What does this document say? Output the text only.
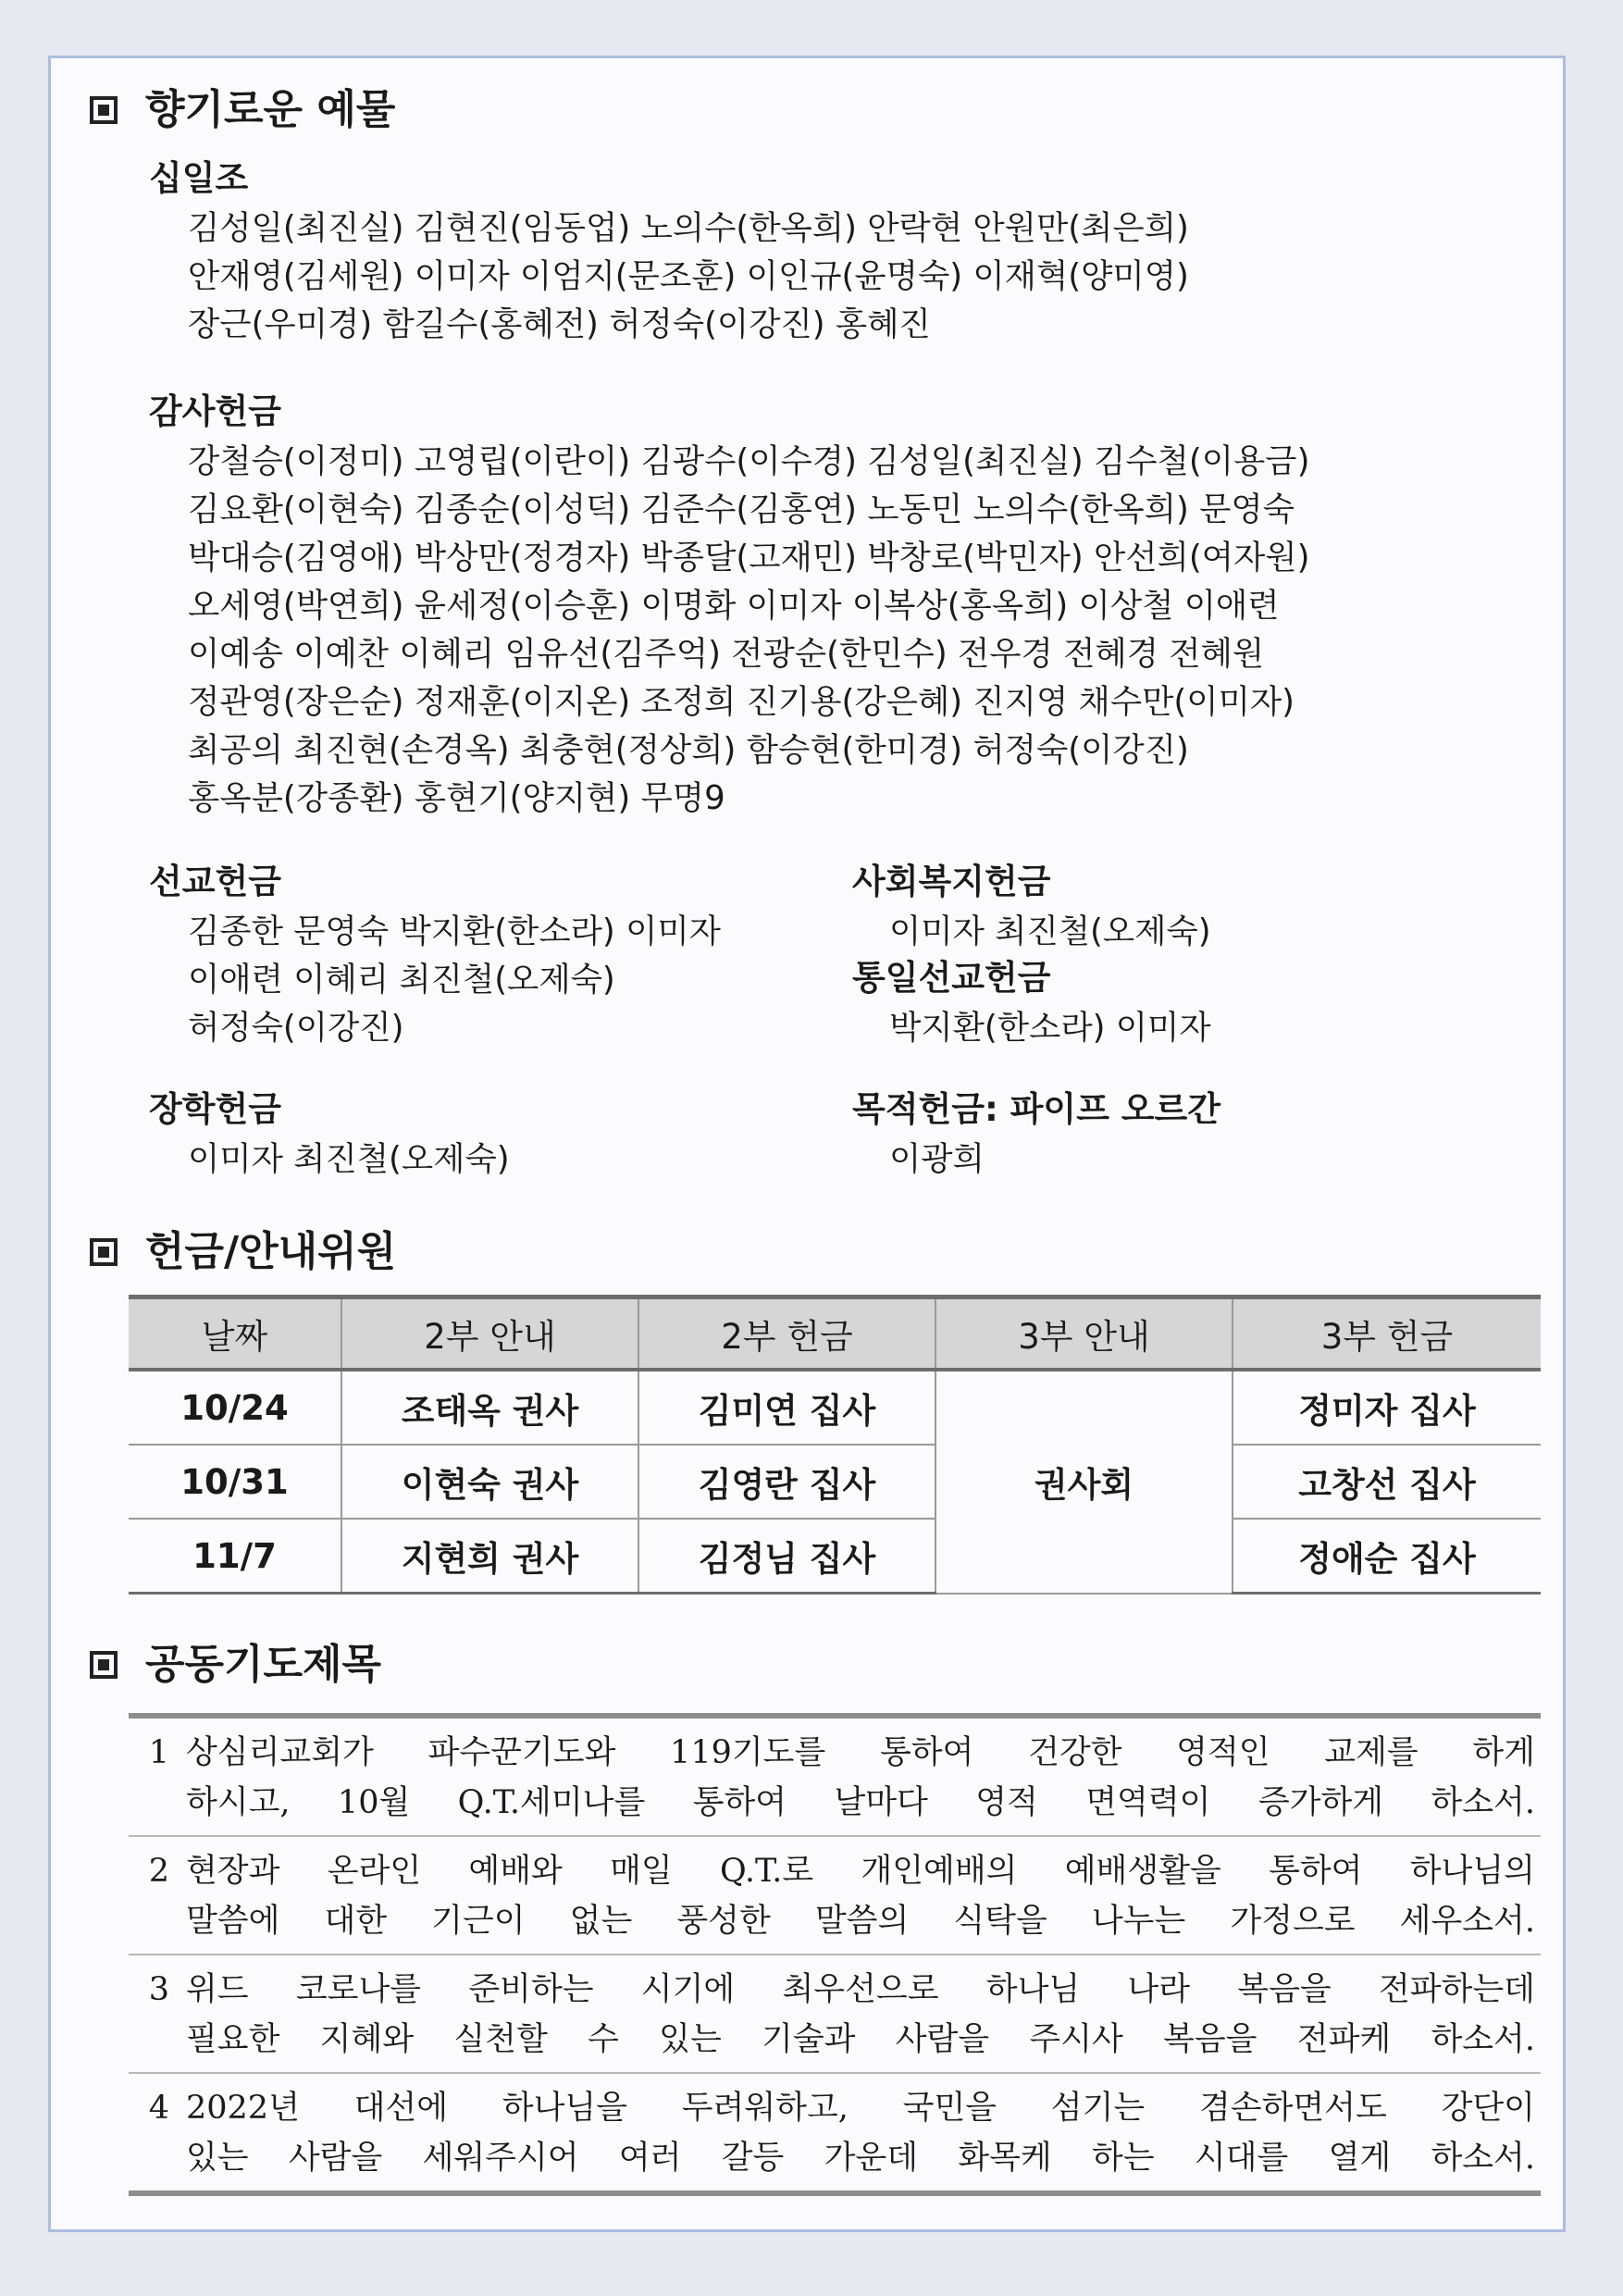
향기로운 예물
십일조
김성일(최진실) 김현진(임동업) 노의수(한옥희) 안락현 안원만(최은희)
안재영(김세원) 이미자 이엄지(문조훈) 이인규(윤명숙) 이재혁(양미영)
장근(우미경) 함길수(홍혜전) 허정숙(이강진) 홍혜진
감사헌금
강철승(이정미) 고영립(이란이) 김광수(이수경) 김성일(최진실) 김수철(이용금)
김요환(이현숙) 김종순(이성덕) 김준수(김홍연) 노동민 노의수(한옥희) 문영숙
박대승(김영애) 박상만(정경자) 박종달(고재민) 박창로(박민자) 안선희(여자원)
오세영(박연희) 윤세정(이승훈) 이명화 이미자 이복상(홍옥희) 이상철 이애련
이예송 이예찬 이혜리 임유선(김주억) 전광순(한민수) 전우경 전혜경 전혜원
정관영(장은순) 정재훈(이지온) 조정희 진기용(강은혜) 진지영 채수만(이미자)
최공의 최진현(손경옥) 최충현(정상희) 함승현(한미경) 허정숙(이강진)
홍옥분(강종환) 홍현기(양지현) 무명9
선교헌금
김종한 문영숙 박지환(한소라) 이미자
이애련 이혜리 최진철(오제숙)
허정숙(이강진)
사회복지헌금
이미자 최진철(오제숙)
통일선교헌금
박지환(한소라) 이미자
장학헌금
이미자 최진철(오제숙)
목적헌금: 파이프 오르간
이광희
헌금/안내위원
날짜	2부 안내	2부 헌금	3부 안내	3부 헌금
10/24	조태옥 권사	김미연 집사	권사회	정미자 집사
10/31	이현숙 권사	김영란 집사		고창선 집사
11/7	지현희 권사	김정님 집사		정애순 집사
공동기도제목
1 상심리교회가 파수꾼기도와 119기도를 통하여 건강한 영적인 교제를 하게
하시고, 10월 Q.T.세미나를 통하여 날마다 영적 면역력이 증가하게 하소서.
2 현장과 온라인 예배와 매일 Q.T.로 개인예배의 예배생활을 통하여 하나님의
말씀에 대한 기근이 없는 풍성한 말씀의 식탁을 나누는 가정으로 세우소서.
3 위드 코로나를 준비하는 시기에 최우선으로 하나님 나라 복음을 전파하는데
필요한 지혜와 실천할 수 있는 기술과 사람을 주시사 복음을 전파케 하소서.
4 2022년 대선에 하나님을 두려워하고, 국민을 섬기는 겸손하면서도 강단이
있는 사람을 세워주시어 여러 갈등 가운데 화목케 하는 시대를 열게 하소서.
